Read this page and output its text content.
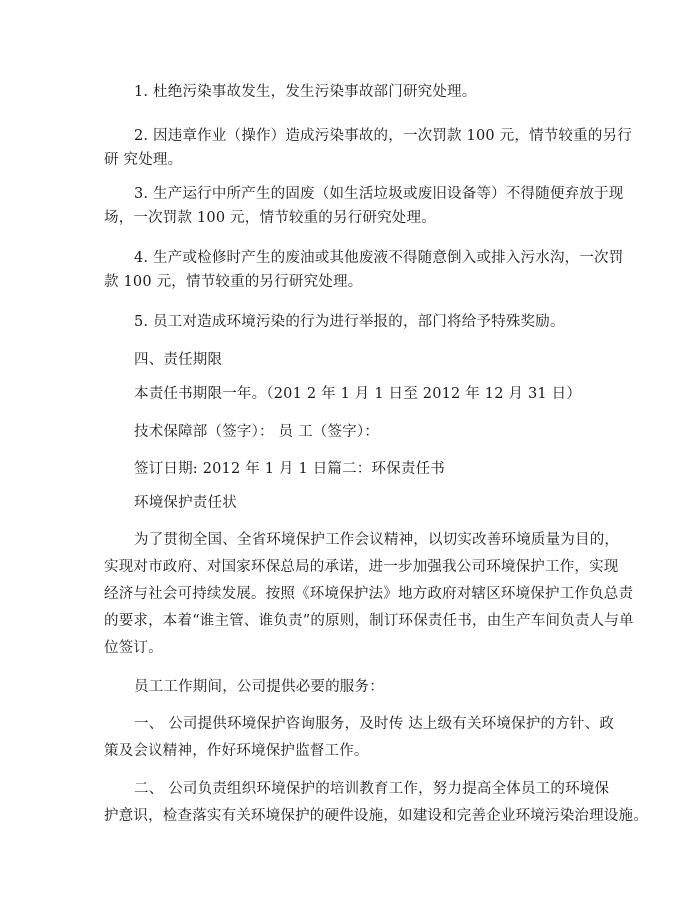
1. 杜绝污染事故发生，发生污染事故部门研究处理。
2. 因违章作业（操作）造成污染事故的，一次罚款 100 元，情节较重的另行
研 究处理。
3. 生产运行中所产生的固废（如生活垃圾或废旧设备等）不得随便弃放于现
场，一次罚款 100 元，情节较重的另行研究处理。
4. 生产或检修时产生的废油或其他废液不得随意倒入或排入污水沟，一次罚
款 100 元，情节较重的另行研究处理。
5. 员工对造成环境污染的行为进行举报的，部门将给予特殊奖励。
四、责任期限
本责任书期限一年。（201 2 年 1 月 1 日至 2012 年 12 月 31 日）
技术保障部（签字）： 员 工（签字）：
签订日期: 2012 年 1 月 1 日篇二：环保责任书
环境保护责任状
为了贯彻全国、全省环境保护工作会议精神，以切实改善环境质量为目的，
实现对市政府、对国家环保总局的承诺，进一步加强我公司环境保护工作，实现
经济与社会可持续发展。按照《环境保护法》地方政府对辖区环境保护工作负总责
的要求，本着“谁主管、谁负责”的原则，制订环保责任书，由生产车间负责人与单
位签订。
员工工作期间，公司提供必要的服务：
一、 公司提供环境保护咨询服务，及时传 达上级有关环境保护的方针、政
策及会议精神，作好环境保护监督工作。
二、 公司负责组织环境保护的培训教育工作，努力提高全体员工的环境保
护意识，检查落实有关环境保护的硬件设施，如建设和完善企业环境污染治理设施。
